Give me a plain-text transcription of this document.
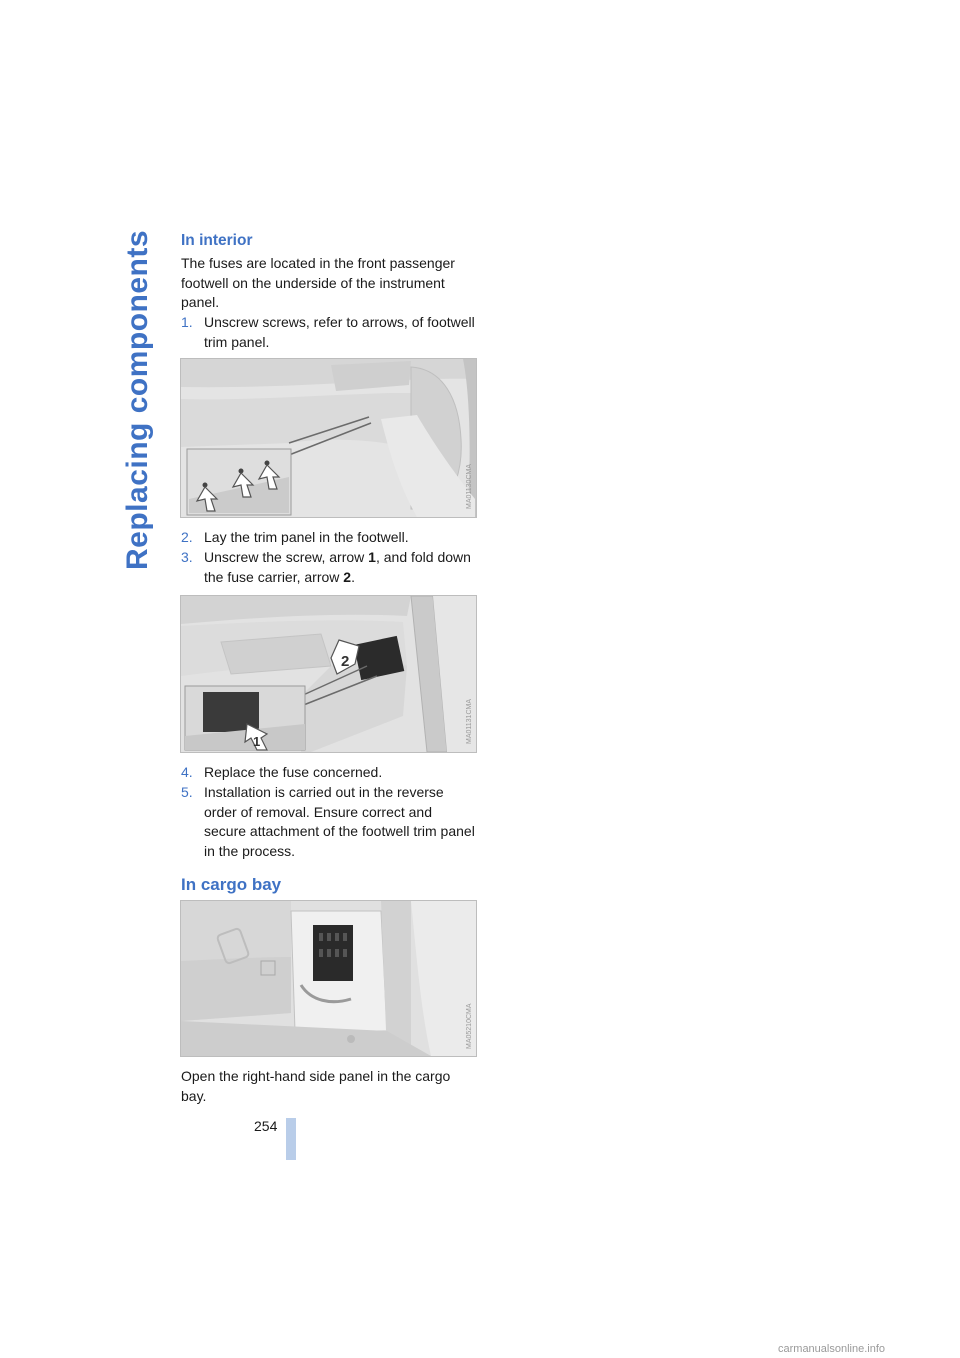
Replacing components In interior

The fuses are located in the front passenger footwell on the underside of the instrument panel.

1. Unscrew screws, refer to arrows, of footwell trim panel.
MA01130CMA
2. Lay the trim panel in the footwell.
3. Unscrew the screw, arrow 1, and fold down the fuse carrier, arrow 2.
2
1	MA01131CMA
4. Replace the fuse concerned.
5. Installation is carried out in the reverse order of removal. Ensure correct and secure attachment of the footwell trim panel in the process.
In cargo bay
MA05210CMA

Open the right-hand side panel in the cargo bay.

254
carmanualsonline.info
